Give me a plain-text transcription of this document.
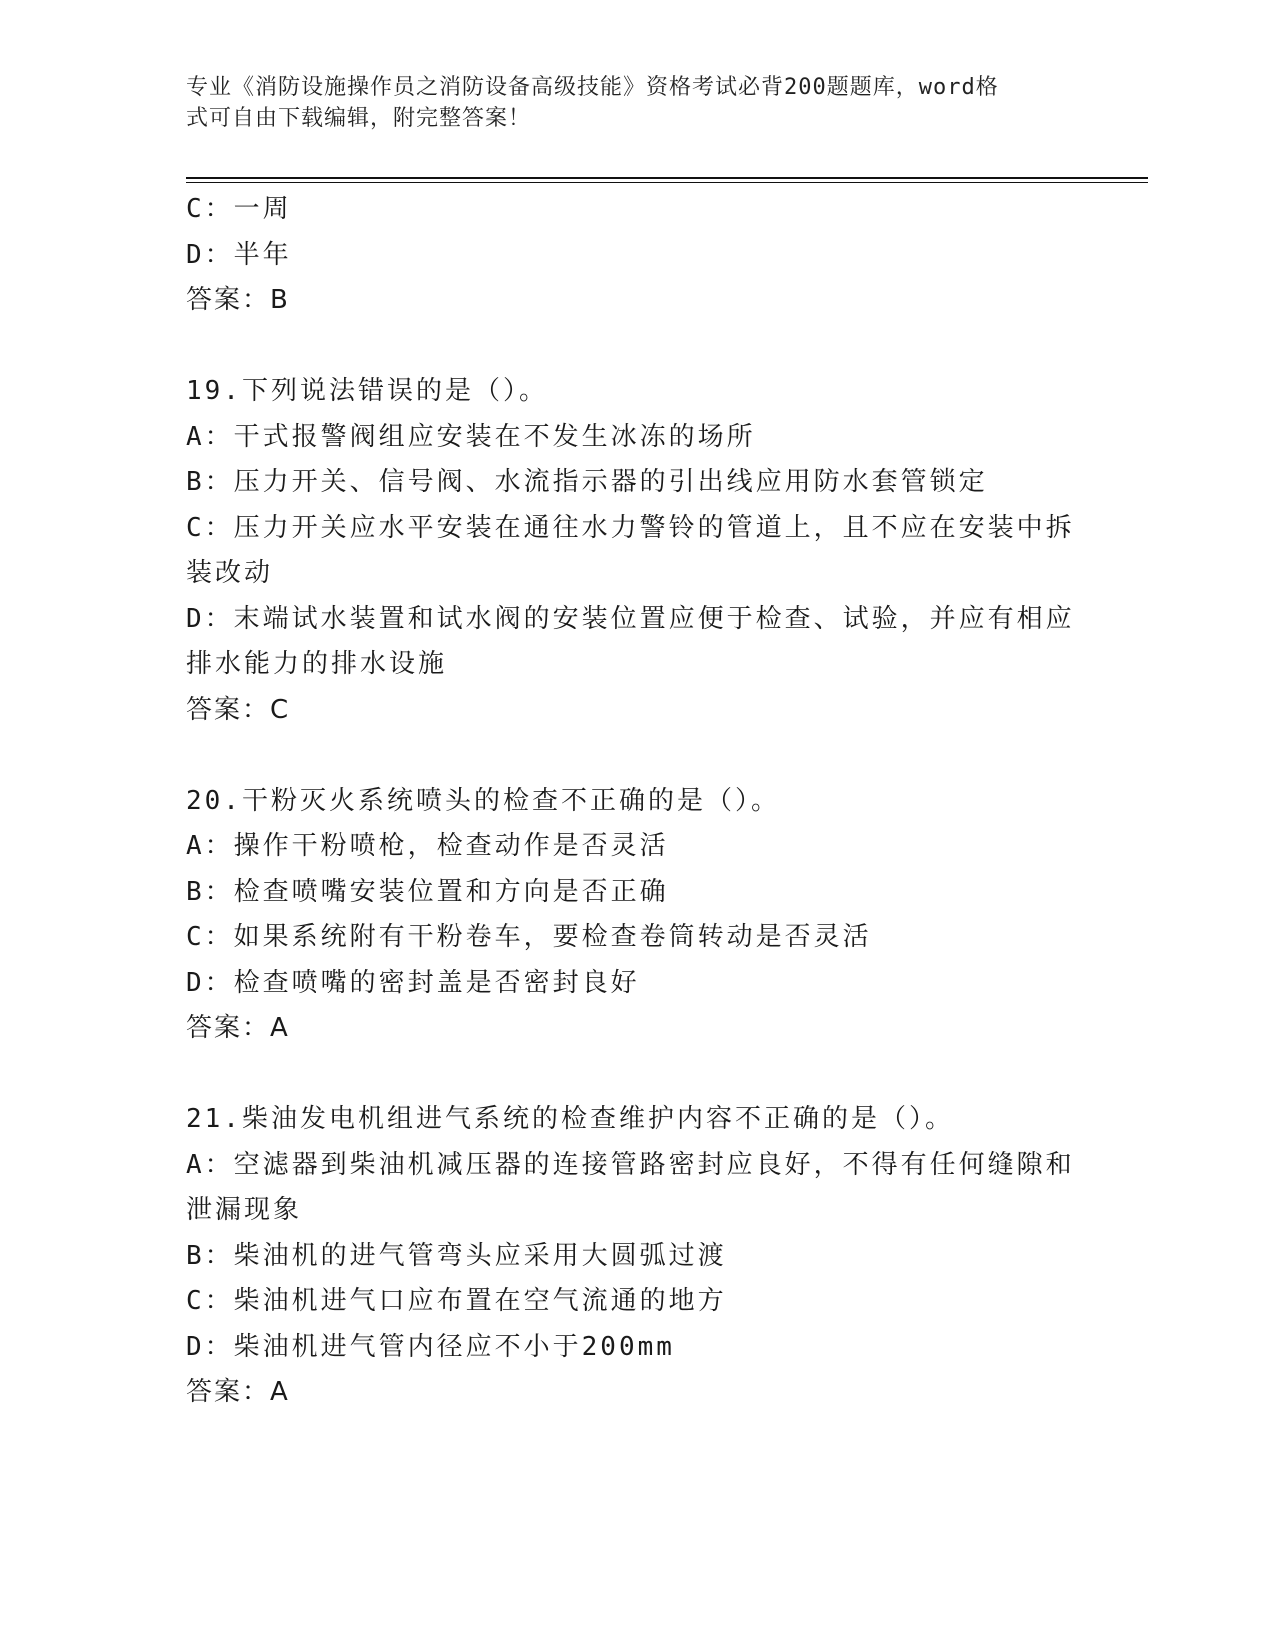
专业《消防设施操作员之消防设备高级技能》资格考试必背200题题库，word格
式可自由下载编辑，附完整答案！

C：一周

D：半年

答案：B

19.下列说法错误的是（）。

A：干式报警阀组应安装在不发生冰冻的场所

B：压力开关、信号阀、水流指示器的引出线应用防水套管锁定

C：压力开关应水平安装在通往水力警铃的管道上，且不应在安装中拆

装改动

D：末端试水装置和试水阀的安装位置应便于检查、试验，并应有相应

排水能力的排水设施

答案：C

20.干粉灭火系统喷头的检查不正确的是（）。

A：操作干粉喷枪，检查动作是否灵活

B：检查喷嘴安装位置和方向是否正确

C：如果系统附有干粉卷车，要检查卷筒转动是否灵活

D：检查喷嘴的密封盖是否密封良好

答案：A

21.柴油发电机组进气系统的检查维护内容不正确的是（）。

A：空滤器到柴油机减压器的连接管路密封应良好，不得有任何缝隙和

泄漏现象

B：柴油机的进气管弯头应采用大圆弧过渡

C：柴油机进气口应布置在空气流通的地方

D：柴油机进气管内径应不小于200mm

答案：A
